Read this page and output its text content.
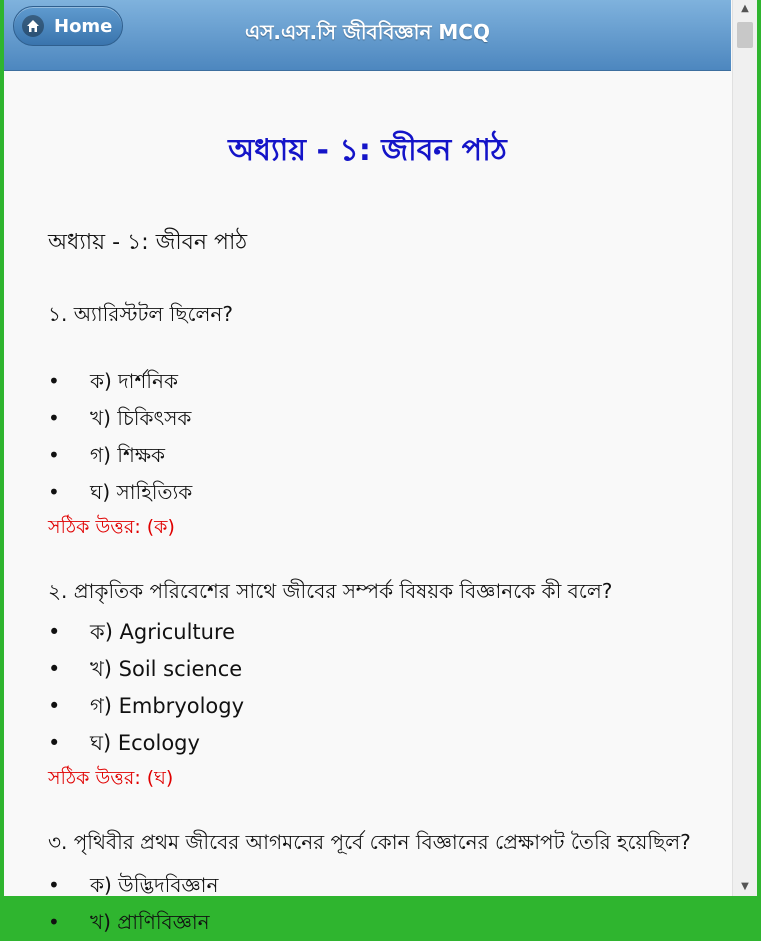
Home	এস.এস.সি জীববিজ্ঞান MCQ
অধ্যায় - ১: জীবন পাঠ
অধ্যায় - ১: জীবন পাঠ
১. অ্যারিস্টটল ছিলেন?
• ক) দার্শনিক
• খ) চিকিৎসক
• গ) শিক্ষক
• ঘ) সাহিত্যিক
সঠিক উত্তর: (ক)
২. প্রাকৃতিক পরিবেশের সাথে জীবের সম্পর্ক বিষয়ক বিজ্ঞানকে কী বলে?
• ক) Agriculture
• খ) Soil science
• গ) Embryology
• ঘ) Ecology
সঠিক উত্তর: (ঘ)
৩. পৃথিবীর প্রথম জীবের আগমনের পূর্বে কোন বিজ্ঞানের প্রেক্ষাপট তৈরি হয়েছিল?
• ক) উদ্ভিদবিজ্ঞান
• খ) প্রাণিবিজ্ঞান
▲
▼
